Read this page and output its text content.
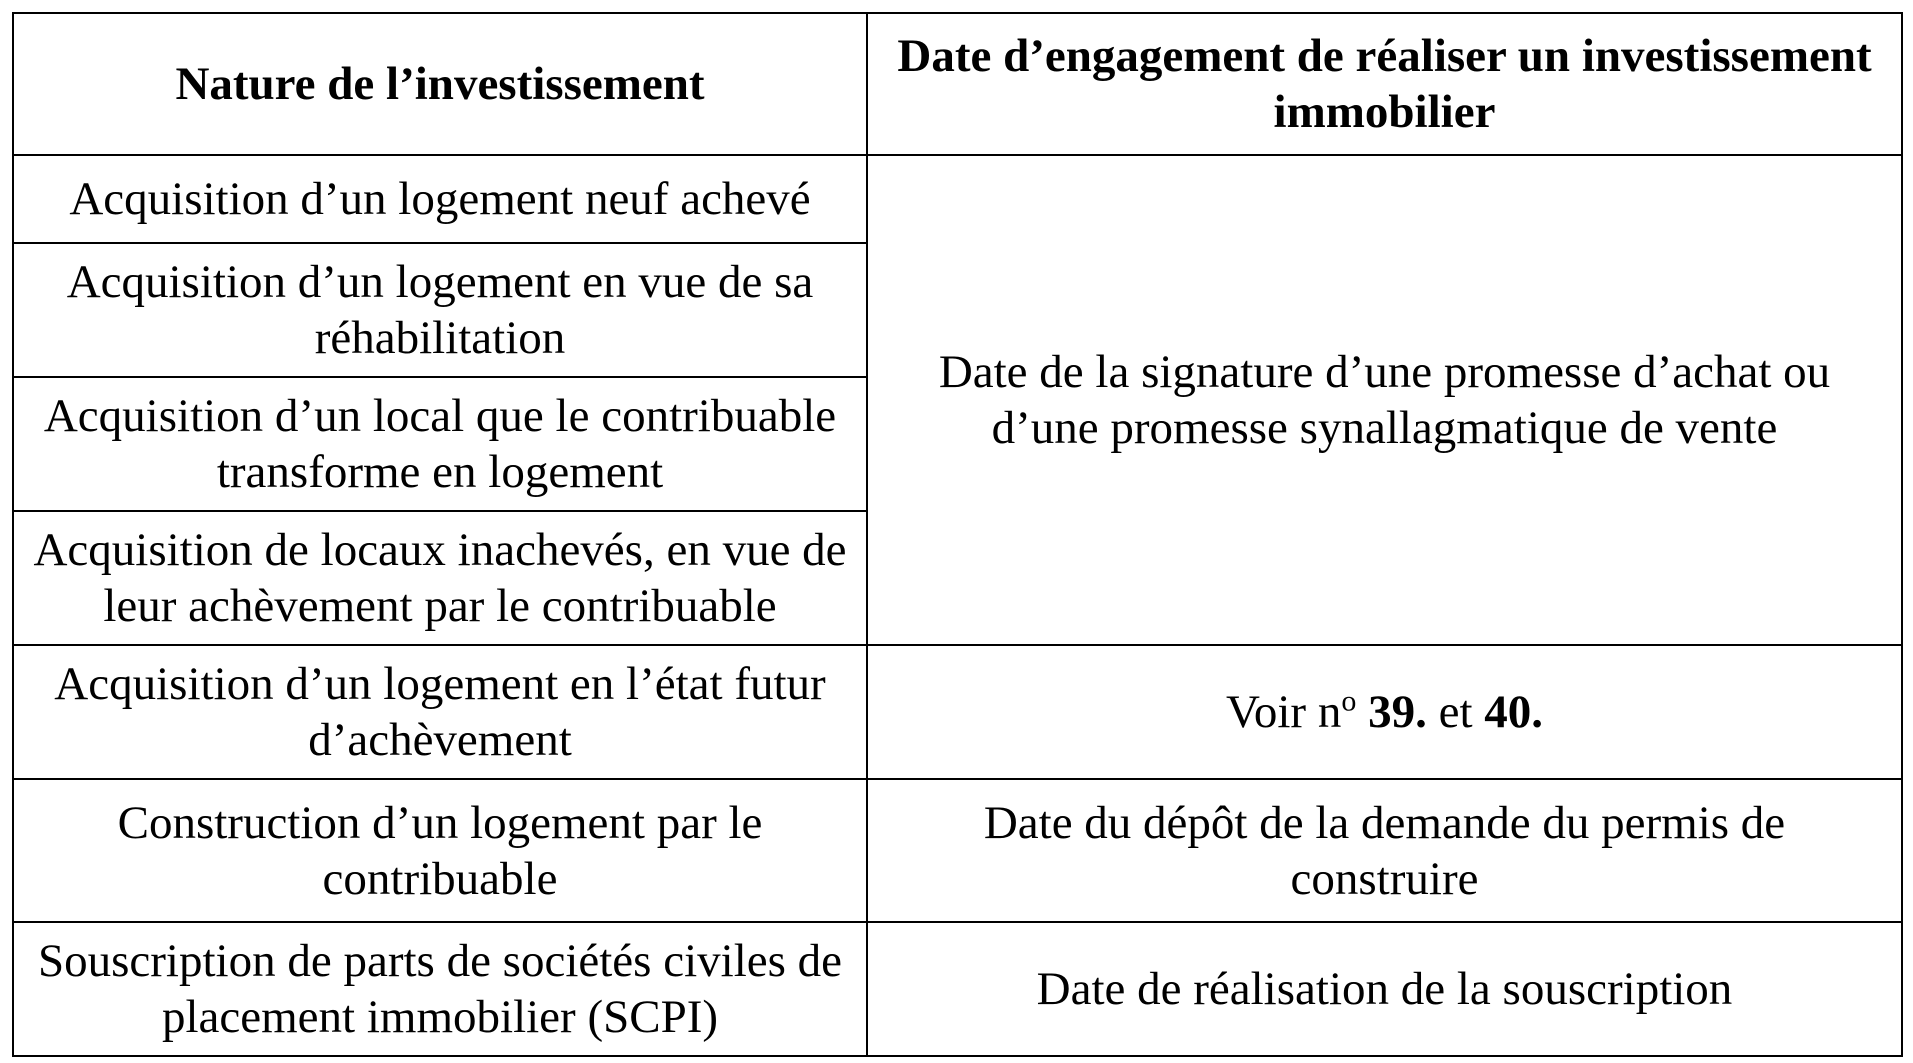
Nature de l’investissement	Date d’engagement de réaliser un investissement immobilier
Acquisition d’un logement neuf achevé	Date de la signature d’une promesse d’achat ou d’une promesse synallagmatique de vente
Acquisition d’un logement en vue de sa réhabilitation	
Acquisition d’un local que le contribuable transforme en logement	
Acquisition de locaux inachevés, en vue de leur achèvement par le contribuable	
Acquisition d’un logement en l’état futur d’achèvement	Voir $n^o$ 39. et 40.
Construction d’un logement par le contribuable	Date du dépôt de la demande du permis de construire
Souscription de parts de sociétés civiles de placement immobilier (SCPI)	Date de réalisation de la souscription
